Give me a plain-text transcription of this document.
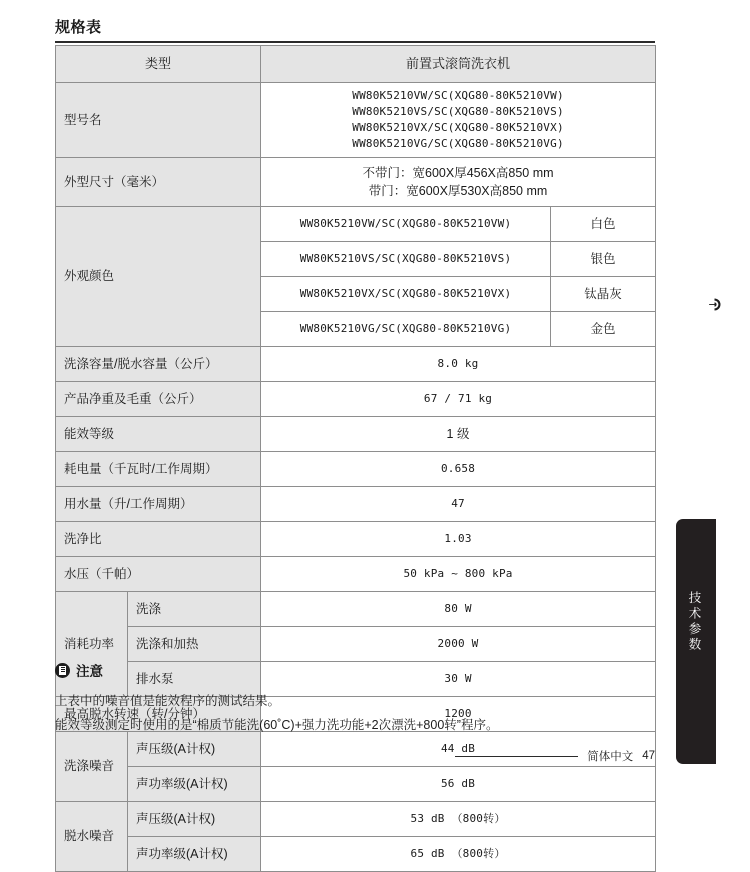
规格表
类型		前置式滚筒洗衣机	
型号名		WW80K5210VW/SC(XQG80-80K5210VW)
WW80K5210VS/SC(XQG80-80K5210VS)
WW80K5210VX/SC(XQG80-80K5210VX)
WW80K5210VG/SC(XQG80-80K5210VG)	

外型尺寸（毫米）		不带门：宽600X厚456X高850 mm
带门：宽600X厚530X高850 mm	

外观颜色		WW80K5210VW/SC(XQG80-80K5210VW)	白色
		WW80K5210VS/SC(XQG80-80K5210VS)	银色
		WW80K5210VX/SC(XQG80-80K5210VX)	钛晶灰
		WW80K5210VG/SC(XQG80-80K5210VG)	金色
洗涤容量/脱水容量（公斤）		8.0 kg	
产品净重及毛重（公斤）		67 / 71 kg	
能效等级		1 级	
耗电量（千瓦时/工作周期）		0.658	
用水量（升/工作周期）		47	
洗净比		1.03	
水压（千帕）		50 kPa ~ 800 kPa	
消耗功率	洗涤	80 W	
	洗涤和加热	2000 W	
	排水泵	30 W	
最高脱水转速（转/分钟）		1200	
洗涤噪音	声压级(A计权)	44 dB	
	声功率级(A计权)	56 dB	
脱水噪音	声压级(A计权)	53 dB （800转）	
	声功率级(A计权)	65 dB （800转）	
注意
上表中的噪音值是能效程序的测试结果。
能效等级测定时使用的是“棉质节能洗(60˚C)+强力洗功能+2次漂洗+800转”程序。
技术参数
简体中文 47
